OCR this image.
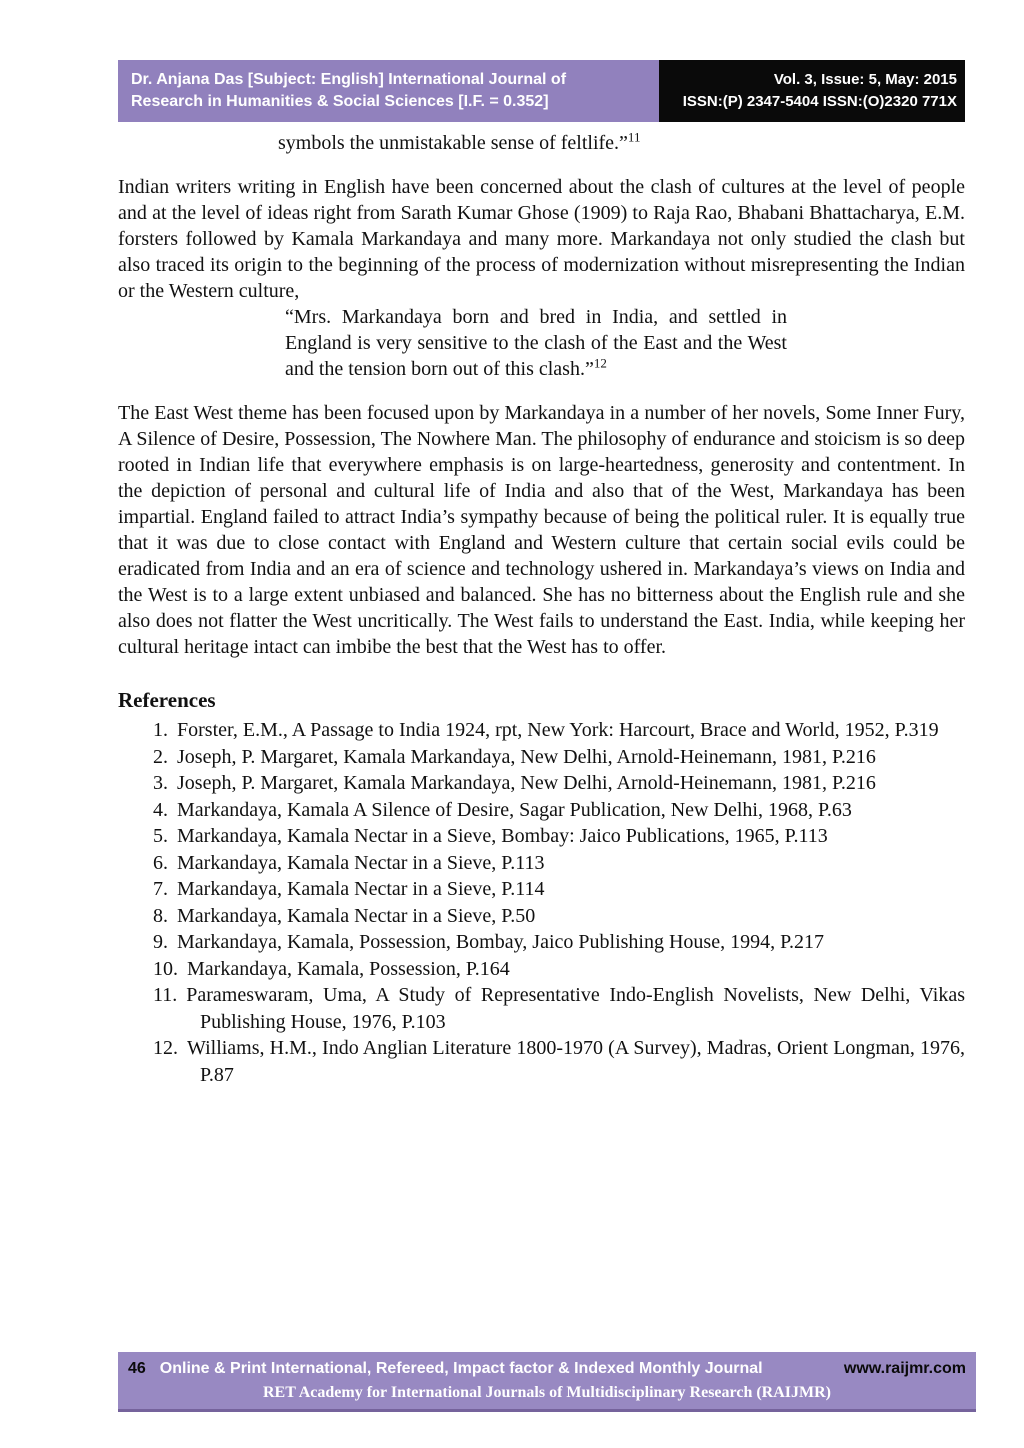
Dr. Anjana Das [Subject: English] International Journal of
Research in Humanities & Social Sciences [I.F. = 0.352]
Vol. 3, Issue: 5, May: 2015
ISSN:(P) 2347-5404 ISSN:(O)2320 771X
symbols the unmistakable sense of feltlife.”$^{11}$

Indian writers writing in English have been concerned about the clash of cultures at the level of people and at the level of ideas right from Sarath Kumar Ghose (1909) to Raja Rao, Bhabani Bhattacharya, E.M. forsters followed by Kamala Markandaya and many more. Markandaya not only studied the clash but also traced its origin to the beginning of the process of modernization without misrepresenting the Indian or the Western culture,

“Mrs. Markandaya born and bred in India, and settled in England is very sensitive to the clash of the East and the West and the tension born out of this clash.”$^{12}$

The East West theme has been focused upon by Markandaya in a number of her novels, Some Inner Fury, A Silence of Desire, Possession, The Nowhere Man. The philosophy of endurance and stoicism is so deep rooted in Indian life that everywhere emphasis is on large-heartedness, generosity and contentment. In the depiction of personal and cultural life of India and also that of the West, Markandaya has been impartial. England failed to attract India’s sympathy because of being the political ruler. It is equally true that it was due to close contact with England and Western culture that certain social evils could be eradicated from India and an era of science and technology ushered in. Markandaya’s views on India and the West is to a large extent unbiased and balanced. She has no bitterness about the English rule and she also does not flatter the West uncritically. The West fails to understand the East. India, while keeping her cultural heritage intact can imbibe the best that the West has to offer.

References
1. Forster, E.M., A Passage to India 1924, rpt, New York: Harcourt, Brace and World, 1952, P.319
2. Joseph, P. Margaret, Kamala Markandaya, New Delhi, Arnold-Heinemann, 1981, P.216
3. Joseph, P. Margaret, Kamala Markandaya, New Delhi, Arnold-Heinemann, 1981, P.216
4. Markandaya, Kamala A Silence of Desire, Sagar Publication, New Delhi, 1968, P.63
5. Markandaya, Kamala Nectar in a Sieve, Bombay: Jaico Publications, 1965, P.113
6. Markandaya, Kamala Nectar in a Sieve, P.113
7. Markandaya, Kamala Nectar in a Sieve, P.114
8. Markandaya, Kamala Nectar in a Sieve, P.50
9. Markandaya, Kamala, Possession, Bombay, Jaico Publishing House, 1994, P.217
10. Markandaya, Kamala, Possession, P.164
11. Parameswaram, Uma, A Study of Representative Indo-English Novelists, New Delhi, Vikas Publishing House, 1976, P.103
12. Williams, H.M., Indo Anglian Literature 1800-1970 (A Survey), Madras, Orient Longman, 1976, P.87
46 Online & Print International, Refereed, Impact factor & Indexed Monthly Journal	www.raijmr.com
RET Academy for International Journals of Multidisciplinary Research (RAIJMR)
